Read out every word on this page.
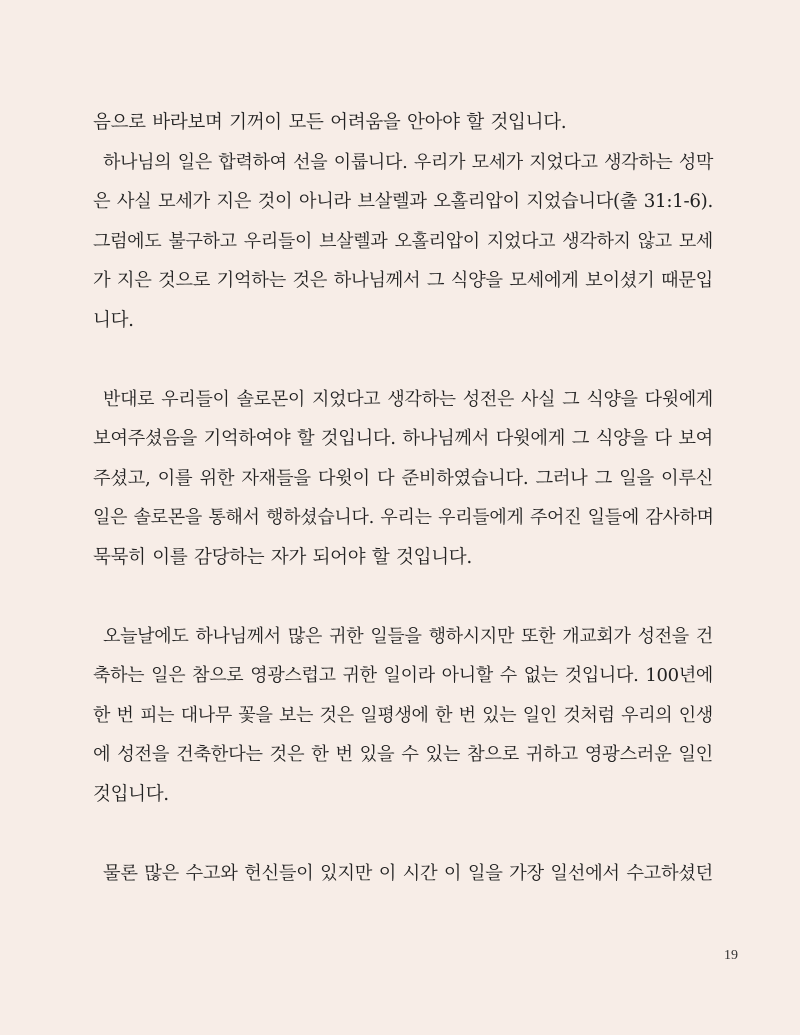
음으로 바라보며 기꺼이 모든 어려움을 안아야 할 것입니다.
하나님의 일은 합력하여 선을 이룹니다. 우리가 모세가 지었다고 생각하는 성막
은 사실 모세가 지은 것이 아니라 브살렐과 오홀리압이 지었습니다(출 31:1-6).
그럼에도 불구하고 우리들이 브살렐과 오홀리압이 지었다고 생각하지 않고 모세
가 지은 것으로 기억하는 것은 하나님께서 그 식양을 모세에게 보이셨기 때문입
니다.
반대로 우리들이 솔로몬이 지었다고 생각하는 성전은 사실 그 식양을 다윗에게
보여주셨음을 기억하여야 할 것입니다. 하나님께서 다윗에게 그 식양을 다 보여
주셨고, 이를 위한 자재들을 다윗이 다 준비하였습니다. 그러나 그 일을 이루신
일은 솔로몬을 통해서 행하셨습니다. 우리는 우리들에게 주어진 일들에 감사하며
묵묵히 이를 감당하는 자가 되어야 할 것입니다.
오늘날에도 하나님께서 많은 귀한 일들을 행하시지만 또한 개교회가 성전을 건
축하는 일은 참으로 영광스럽고 귀한 일이라 아니할 수 없는 것입니다. 100년에
한 번 피는 대나무 꽃을 보는 것은 일평생에 한 번 있는 일인 것처럼 우리의 인생
에 성전을 건축한다는 것은 한 번 있을 수 있는 참으로 귀하고 영광스러운 일인
것입니다.
물론 많은 수고와 헌신들이 있지만 이 시간 이 일을 가장 일선에서 수고하셨던
19
